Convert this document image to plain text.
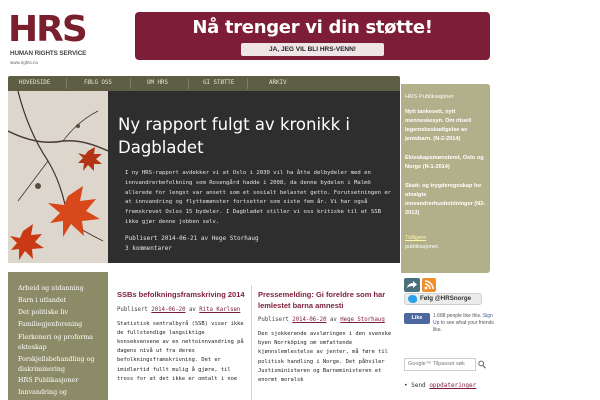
HRS
HUMAN RIGHTS SERVICE
www.rights.no
Nå trenger vi din støtte!
JA, JEG VIL BLI HRS-VENN!
HOVEDSIDE	FØLG OSS	OM HRS	GI STØTTE	ARKIV
Ny rapport fulgt av kronikk i Dagbladet
I ny HRS-rapport avdekker vi at Oslo i 2030 vil ha åtte delbydeler med en innvandrerbefolkning som Rosengård hadde i 2008, da denne bydelen i Malmö allerede for lengst var ansett som et sosialt belastet getto. Forutsetningen er at innvandring og flyttemønster fortsetter som siste fem år. Vi har også fremskrevet Oslos 15 bydeler. I Dagbladet stiller vi oss kritiske til at SSB ikke gjør denne jobben selv.
Publisert 2014-06-21 av Hege Storhaug
3 kommentarer
Arbeid og utdanning
Barn i utlandet
Det politiske liv
Familiegjenforening
Flerkoneri og proforma ekteskap
Forskjellsbehandling og diskriminering
HRS Publikasjoner
Innvandring og
SSBs befolkningsframskriving 2014
Publisert 2014-06-20 av Rita Karlsen
Statistisk sentralbyrå (SSB) viser ikke de fullstendige langsiktige konsekvensene av en nettoinnvandring på dagens nivå ut fra deres befolkningsframskrivning. Det er imidlertid fullt mulig å gjøre, til tross for at det ikke er omtalt i noe
Pressemelding: Gi foreldre som har lemlestet barna amnesti
Publisert 2014-06-20 av Hege Storhaug
Den sjokkerende avsløringen i den svenske byen Norrköping om omfattende kjønnslemlestelse av jenter, må føre til politisk handling i Norge. Det påhviler Justisministeren og Barneministeren et enormt moralsk
HRS Publikasjoner
Nytt tankesett, nytt menneskesyn. Om rituell legemsbeskadigelse av jentebarn. (N-2-2014)
Ekteskapsmønsteret, Oslo og Norge (N-1-2014)
Skatt- og trygderegnskap for utvalgte innvandrerhusholdninger (N2-2013)
Tidligere
publikasjoner.
Følg @HRSnorge
Like	1.688 people like this. Sign Up to see what your friends like.
Google™ Tilpasset søk
• Send oppdateringer
